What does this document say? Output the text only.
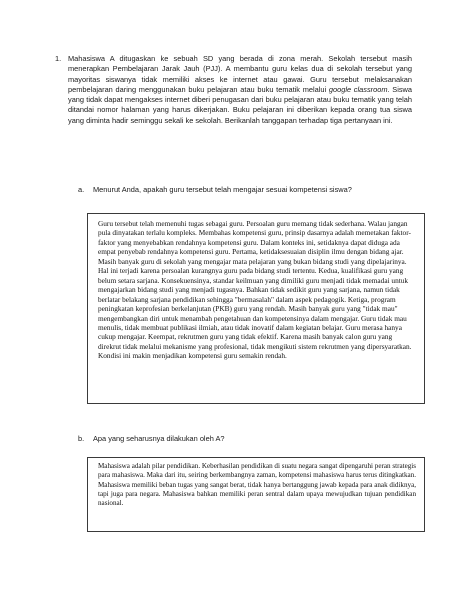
1. Mahasiswa A ditugaskan ke sebuah SD yang berada di zona merah. Sekolah tersebut masih menerapkan Pembelajaran Jarak Jauh (PJJ). A membantu guru kelas dua di sekolah tersebut yang mayoritas siswanya tidak memiliki akses ke internet atau gawai. Guru tersebut melaksanakan pembelajaran daring menggunakan buku pelajaran atau buku tematik melalui google classroom. Siswa yang tidak dapat mengakses internet diberi penugasan dari buku pelajaran atau buku tematik yang telah ditandai nomor halaman yang harus dikerjakan. Buku pelajaran ini diberikan kepada orang tua siswa yang diminta hadir seminggu sekali ke sekolah. Berikanlah tanggapan terhadap tiga pertanyaan ini.
a. Menurut Anda, apakah guru tersebut telah mengajar sesuai kompetensi siswa?
Guru tersebut telah memenuhi tugas sebagai guru. Persoalan guru memang tidak sederhana. Walau jangan pula dinyatakan terlalu kompleks. Membahas kompetensi guru, prinsip dasarnya adalah memetakan faktor-faktor yang menyebabkan rendahnya kompetensi guru. Dalam konteks ini, setidaknya dapat diduga ada empat penyebab rendahnya kompetensi guru. Pertama, ketidaksesuaian disiplin ilmu dengan bidang ajar. Masih banyak guru di sekolah yang mengajar mata pelajaran yang bukan bidang studi yang dipelajarinya. Hal ini terjadi karena persoalan kurangnya guru pada bidang studi tertentu. Kedua, kualifikasi guru yang belum setara sarjana. Konsekuensinya, standar keilmuan yang dimiliki guru menjadi tidak memadai untuk mengajarkan bidang studi yang menjadi tugasnya. Bahkan tidak sedikit guru yang sarjana, namun tidak berlatar belakang sarjana pendidikan sehingga "bermasalah" dalam aspek pedagogik. Ketiga, program peningkatan keprofesian berkelanjutan (PKB) guru yang rendah. Masih banyak guru yang "tidak mau" mengembangkan diri untuk menambah pengetahuan dan kompetensinya dalam mengajar. Guru tidak mau menulis, tidak membuat publikasi ilmiah, atau tidak inovatif dalam kegiatan belajar. Guru merasa hanya cukup mengajar. Keempat, rekrutmen guru yang tidak efektif. Karena masih banyak calon guru yang direkrut tidak melalui mekanisme yang profesional, tidak mengikuti sistem rekrutmen yang dipersyaratkan. Kondisi ini makin menjadikan kompetensi guru semakin rendah.
b. Apa yang seharusnya dilakukan oleh A?
Mahasiswa adalah pilar pendidikan. Keberhasilan pendidikan di suatu negara sangat dipengaruhi peran strategis para mahasiswa. Maka dari itu, seiring berkembangnya zaman, kompetensi mahasiswa harus terus ditingkatkan. Mahasiswa memiliki beban tugas yang sangat berat, tidak hanya bertanggung jawab kepada para anak didiknya, tapi juga para negara. Mahasiswa bahkan memiliki peran sentral dalam upaya mewujudkan tujuan pendidikan nasional.
